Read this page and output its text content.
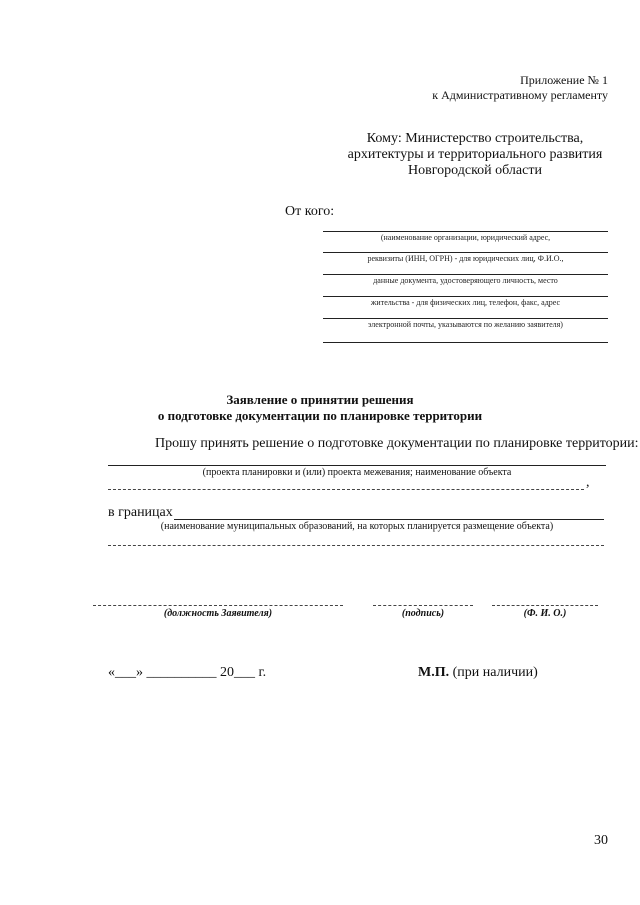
Приложение № 1
к Административному регламенту
Кому: Министерство строительства,
архитектуры и территориального развития
Новгородской области
От кого:
(наименование организации, юридический адрес,
реквизиты (ИНН, ОГРН) - для юридических лиц, Ф.И.О.,
данные документа, удостоверяющего личность, место
жительства - для физических лиц, телефон, факс, адрес
электронной почты, указываются по желанию заявителя)
Заявление о принятии решения
о подготовке документации по планировке территории
Прошу принять решение о подготовке документации по планировке территории:
(проекта планировки и (или) проекта межевания; наименование объекта
,
в границах
(наименование муниципальных образований, на которых планируется размещение объекта)
(должность Заявителя)	(подпись)	(Ф. И. О.)
«___» __________ 20___ г.	М.П. (при наличии)
30
